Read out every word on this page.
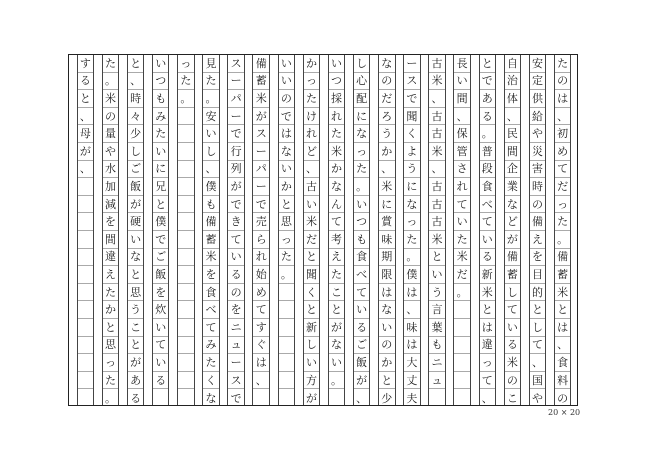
た
の
は
、
初
め
て
だ
っ
た
。
備
蓄
米
と
は
、
食
料
の
安
定
供
給
や
災
害
時
の
備
え
を
目
的
と
し
て
、
国
や
自
治
体
、
民
間
企
業
な
ど
が
備
蓄
し
て
い
る
米
の
こ
と
で
あ
る
。
普
段
食
べ
て
い
る
新
米
と
は
違
っ
て
、
長
い
間
、
保
管
さ
れ
て
い
た
米
だ
。
古
米
、
古
古
米
、
古
古
古
米
と
い
う
言
葉
も
ニ
ュ
ー
ス
で
聞
く
よ
う
に
な
っ
た
。
僕
は
、
味
は
大
丈
夫
な
の
だ
ろ
う
か
、
米
に
賞
味
期
限
は
な
い
の
か
と
少
し
心
配
に
な
っ
た
。
い
つ
も
食
べ
て
い
る
ご
飯
が
、
い
つ
採
れ
た
米
か
な
ん
て
考
え
た
こ
と
が
な
い
。
か
っ
た
け
れ
ど
、
古
い
米
だ
と
聞
く
と
新
し
い
方
が
い
い
の
で
は
な
い
か
と
思
っ
た
。
備
蓄
米
が
ス
ー
パ
ー
で
売
ら
れ
始
め
て
す
ぐ
は
、
ス
ー
パ
ー
で
行
列
が
で
き
て
い
る
の
を
ニ
ュ
ー
ス
で
見
た
。
安
い
し
、
僕
も
備
蓄
米
を
食
べ
て
み
た
く
な
っ
た
。
い
つ
も
み
た
い
に
兄
と
僕
で
ご
飯
を
炊
い
て
い
る
と
、
時
々
少
し
ご
飯
が
硬
い
な
と
思
う
こ
と
が
あ
る
た
。
米
の
量
や
水
加
減
を
間
違
え
た
か
と
思
っ
た
。
す
る
と
、
母
が
、
20 × 20
